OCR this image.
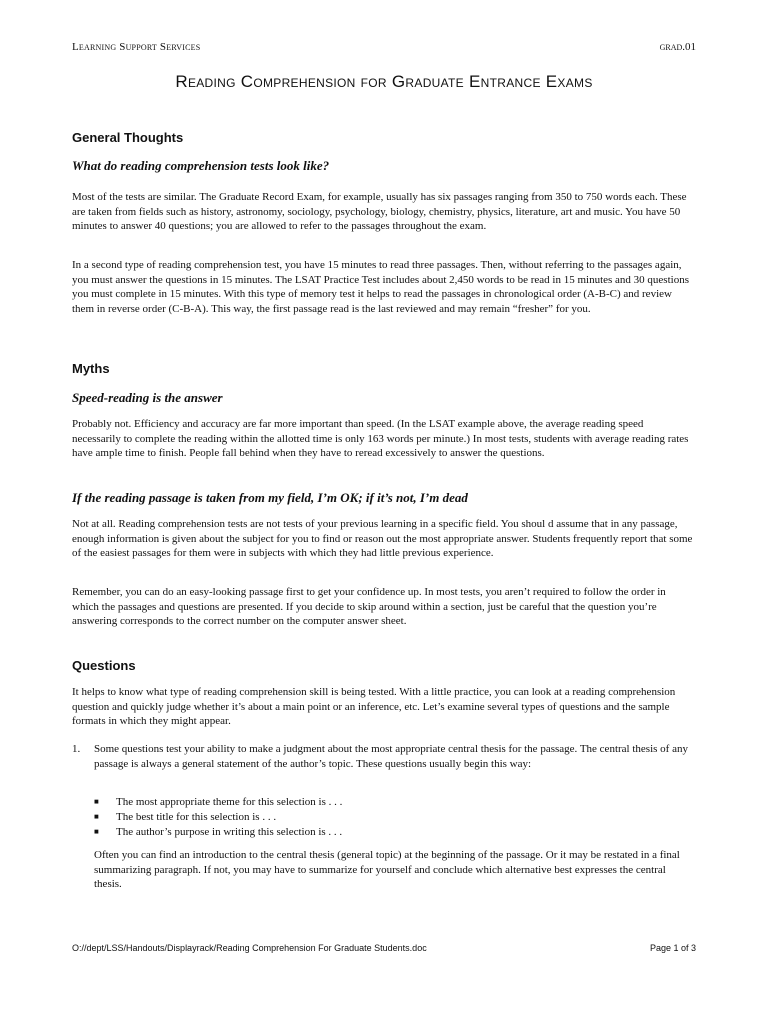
Learning Support Services	grad.01
Reading Comprehension for Graduate Entrance Exams
General Thoughts
What do reading comprehension tests look like?

Most of the tests are similar. The Graduate Record Exam, for example, usually has six passages ranging from 350 to 750 words each. These are taken from fields such as history, astronomy, sociology, psychology, biology, chemistry, physics, literature, art and music. You have 50 minutes to answer 40 questions; you are allowed to refer to the passages throughout the exam.

In a second type of reading comprehension test, you have 15 minutes to read three passages. Then, without referring to the passages again, you must answer the questions in 15 minutes. The LSAT Practice Test includes about 2,450 words to be read in 15 minutes and 30 questions you must complete in 15 minutes. With this type of memory test it helps to read the passages in chronological order (A-B-C) and review them in reverse order (C-B-A). This way, the first passage read is the last reviewed and may remain “fresher” for you.

Myths
Speed-reading is the answer

Probably not. Efficiency and accuracy are far more important than speed. (In the LSAT example above, the average reading speed necessarily to complete the reading within the allotted time is only 163 words per minute.) In most tests, students with average reading rates have ample time to finish. People fall behind when they have to reread excessively to answer the questions.

If the reading passage is taken from my field, I’m OK; if it’s not, I’m dead

Not at all. Reading comprehension tests are not tests of your previous learning in a specific field. You shoul d assume that in any passage, enough information is given about the subject for you to find or reason out the most appropriate answer. Students frequently report that some of the easiest passages for them were in subjects with which they had little previous experience.

Remember, you can do an easy-looking passage first to get your confidence up. In most tests, you aren’t required to follow the order in which the passages and questions are presented. If you decide to skip around within a section, just be careful that the question you’re answering corresponds to the correct number on the computer answer sheet.

Questions

It helps to know what type of reading comprehension skill is being tested. With a little practice, you can look at a reading comprehension question and quickly judge whether it’s about a main point or an inference, etc. Let’s examine several types of questions and the sample formats in which they might appear.

1. Some questions test your ability to make a judgment about the most appropriate central thesis for the passage. The central thesis of any passage is always a general statement of the author’s topic. These questions usually begin this way:

■ The most appropriate theme for this selection is . . .
■ The best title for this selection is . . .
■ The author’s purpose in writing this selection is . . .

Often you can find an introduction to the central thesis (general topic) at the beginning of the passage. Or it may be restated in a final summarizing paragraph. If not, you may have to summarize for yourself and conclude which alternative best expresses the central thesis.

O://dept/LSS/Handouts/Displayrack/Reading Comprehension For Graduate Students.doc	Page 1 of 3
